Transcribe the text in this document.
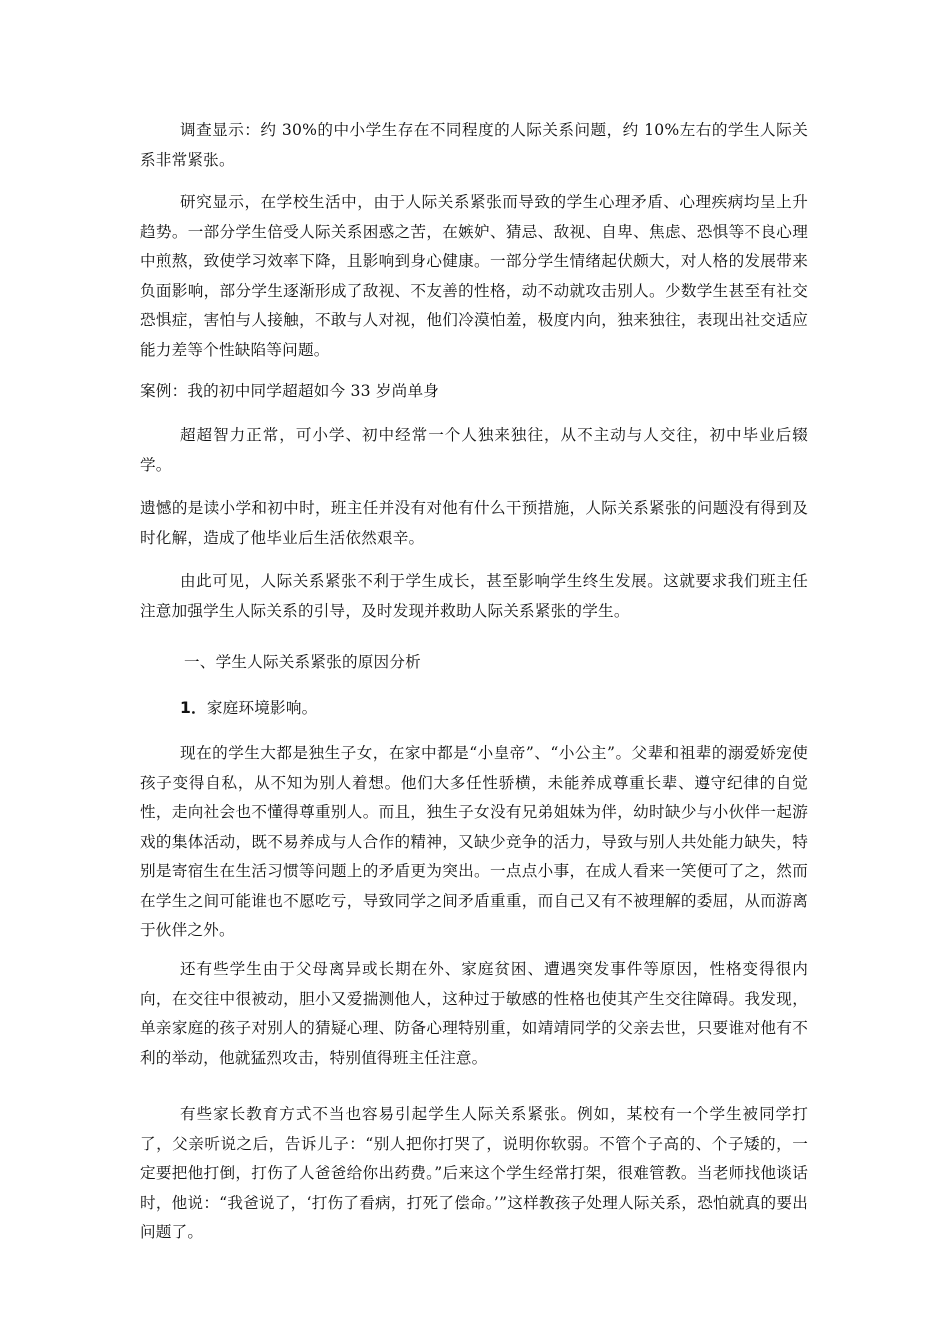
调查显示：约 30%的中小学生存在不同程度的人际关系问题，约 10%左右的学生人际关系非常紧张。

研究显示，在学校生活中，由于人际关系紧张而导致的学生心理矛盾、心理疾病均呈上升趋势。一部分学生倍受人际关系困惑之苦，在嫉妒、猜忌、敌视、自卑、焦虑、恐惧等不良心理中煎熬，致使学习效率下降，且影响到身心健康。一部分学生情绪起伏颇大，对人格的发展带来负面影响，部分学生逐渐形成了敌视、不友善的性格，动不动就攻击别人。少数学生甚至有社交恐惧症，害怕与人接触，不敢与人对视，他们冷漠怕羞，极度内向，独来独往，表现出社交适应能力差等个性缺陷等问题。

案例：我的初中同学超超如今 33 岁尚单身

超超智力正常，可小学、初中经常一个人独来独往，从不主动与人交往，初中毕业后辍学。

遗憾的是读小学和初中时，班主任并没有对他有什么干预措施，人际关系紧张的问题没有得到及时化解，造成了他毕业后生活依然艰辛。

由此可见，人际关系紧张不利于学生成长，甚至影响学生终生发展。这就要求我们班主任注意加强学生人际关系的引导，及时发现并救助人际关系紧张的学生。

一、学生人际关系紧张的原因分析

1．家庭环境影响。

现在的学生大都是独生子女，在家中都是“小皇帝”、“小公主”。父辈和祖辈的溺爱娇宠使孩子变得自私，从不知为别人着想。他们大多任性骄横，未能养成尊重长辈、遵守纪律的自觉性，走向社会也不懂得尊重别人。而且，独生子女没有兄弟姐妹为伴，幼时缺少与小伙伴一起游戏的集体活动，既不易养成与人合作的精神，又缺少竞争的活力，导致与别人共处能力缺失，特别是寄宿生在生活习惯等问题上的矛盾更为突出。一点点小事，在成人看来一笑便可了之，然而在学生之间可能谁也不愿吃亏，导致同学之间矛盾重重，而自己又有不被理解的委屈，从而游离于伙伴之外。

还有些学生由于父母离异或长期在外、家庭贫困、遭遇突发事件等原因，性格变得很内向，在交往中很被动，胆小又爱揣测他人，这种过于敏感的性格也使其产生交往障碍。我发现，单亲家庭的孩子对别人的猜疑心理、防备心理特别重，如靖靖同学的父亲去世，只要谁对他有不利的举动，他就猛烈攻击，特别值得班主任注意。

有些家长教育方式不当也容易引起学生人际关系紧张。例如，某校有一个学生被同学打了，父亲听说之后，告诉儿子：“别人把你打哭了，说明你软弱。不管个子高的、个子矮的，一定要把他打倒，打伤了人爸爸给你出药费。”后来这个学生经常打架，很难管教。当老师找他谈话时，他说：“我爸说了，‘打伤了看病，打死了偿命。’”这样教孩子处理人际关系，恐怕就真的要出问题了。
